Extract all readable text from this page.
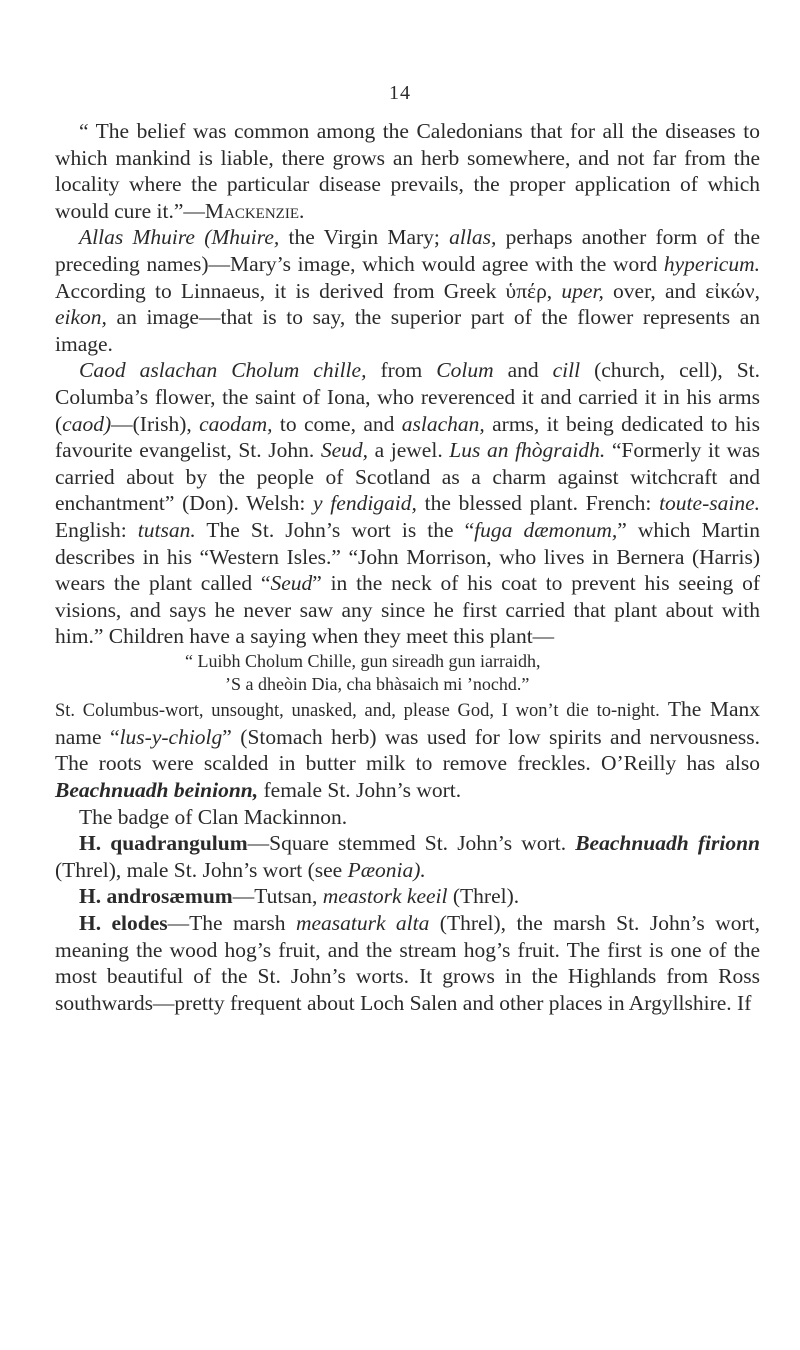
14

“ The belief was common among the Caledonians that for all the diseases to which mankind is liable, there grows an herb somewhere, and not far from the locality where the particular disease prevails, the proper application of which would cure it.”—Mackenzie.

Allas Mhuire (Mhuire, the Virgin Mary; allas, perhaps another form of the preceding names)—Mary’s image, which would agree with the word hypericum. According to Linnaeus, it is derived from Greek ὑπέρ, uper, over, and εἰκών, eikon, an image—that is to say, the superior part of the flower represents an image.

Caod aslachan Cholum chille, from Colum and cill (church, cell), St. Columba’s flower, the saint of Iona, who reverenced it and carried it in his arms (caod)—(Irish), caodam, to come, and aslachan, arms, it being dedicated to his favourite evangelist, St. John. Seud, a jewel. Lus an fhògraidh. “Formerly it was carried about by the people of Scotland as a charm against witchcraft and enchantment” (Don). Welsh: y fendigaid, the blessed plant. French: toute-saine. English: tutsan. The St. John’s wort is the “fuga dæmonum,” which Martin describes in his “Western Isles.” “John Morrison, who lives in Bernera (Harris) wears the plant called “Seud” in the neck of his coat to prevent his seeing of visions, and says he never saw any since he first carried that plant about with him.” Children have a saying when they meet this plant—

“ Luibh Cholum Chille, gun sireadh gun iarraidh,

’S a dheòin Dia, cha bhàsaich mi ’nochd.”

St. Columbus-wort, unsought, unasked, and, please God, I won’t die to-night. The Manx name “lus-y-chiolg” (Stomach herb) was used for low spirits and nervousness. The roots were scalded in butter milk to remove freckles. O’Reilly has also Beachnuadh beinionn, female St. John’s wort.

The badge of Clan Mackinnon.

H. quadrangulum—Square stemmed St. John’s wort. Beachnuadh firionn (Threl), male St. John’s wort (see Pæonia).

H. androsæmum—Tutsan, meastork keeil (Threl).

H. elodes—The marsh measaturk alta (Threl), the marsh St. John’s wort, meaning the wood hog’s fruit, and the stream hog’s fruit. The first is one of the most beautiful of the St. John’s worts. It grows in the Highlands from Ross southwards—pretty frequent about Loch Salen and other places in Argyllshire. If
